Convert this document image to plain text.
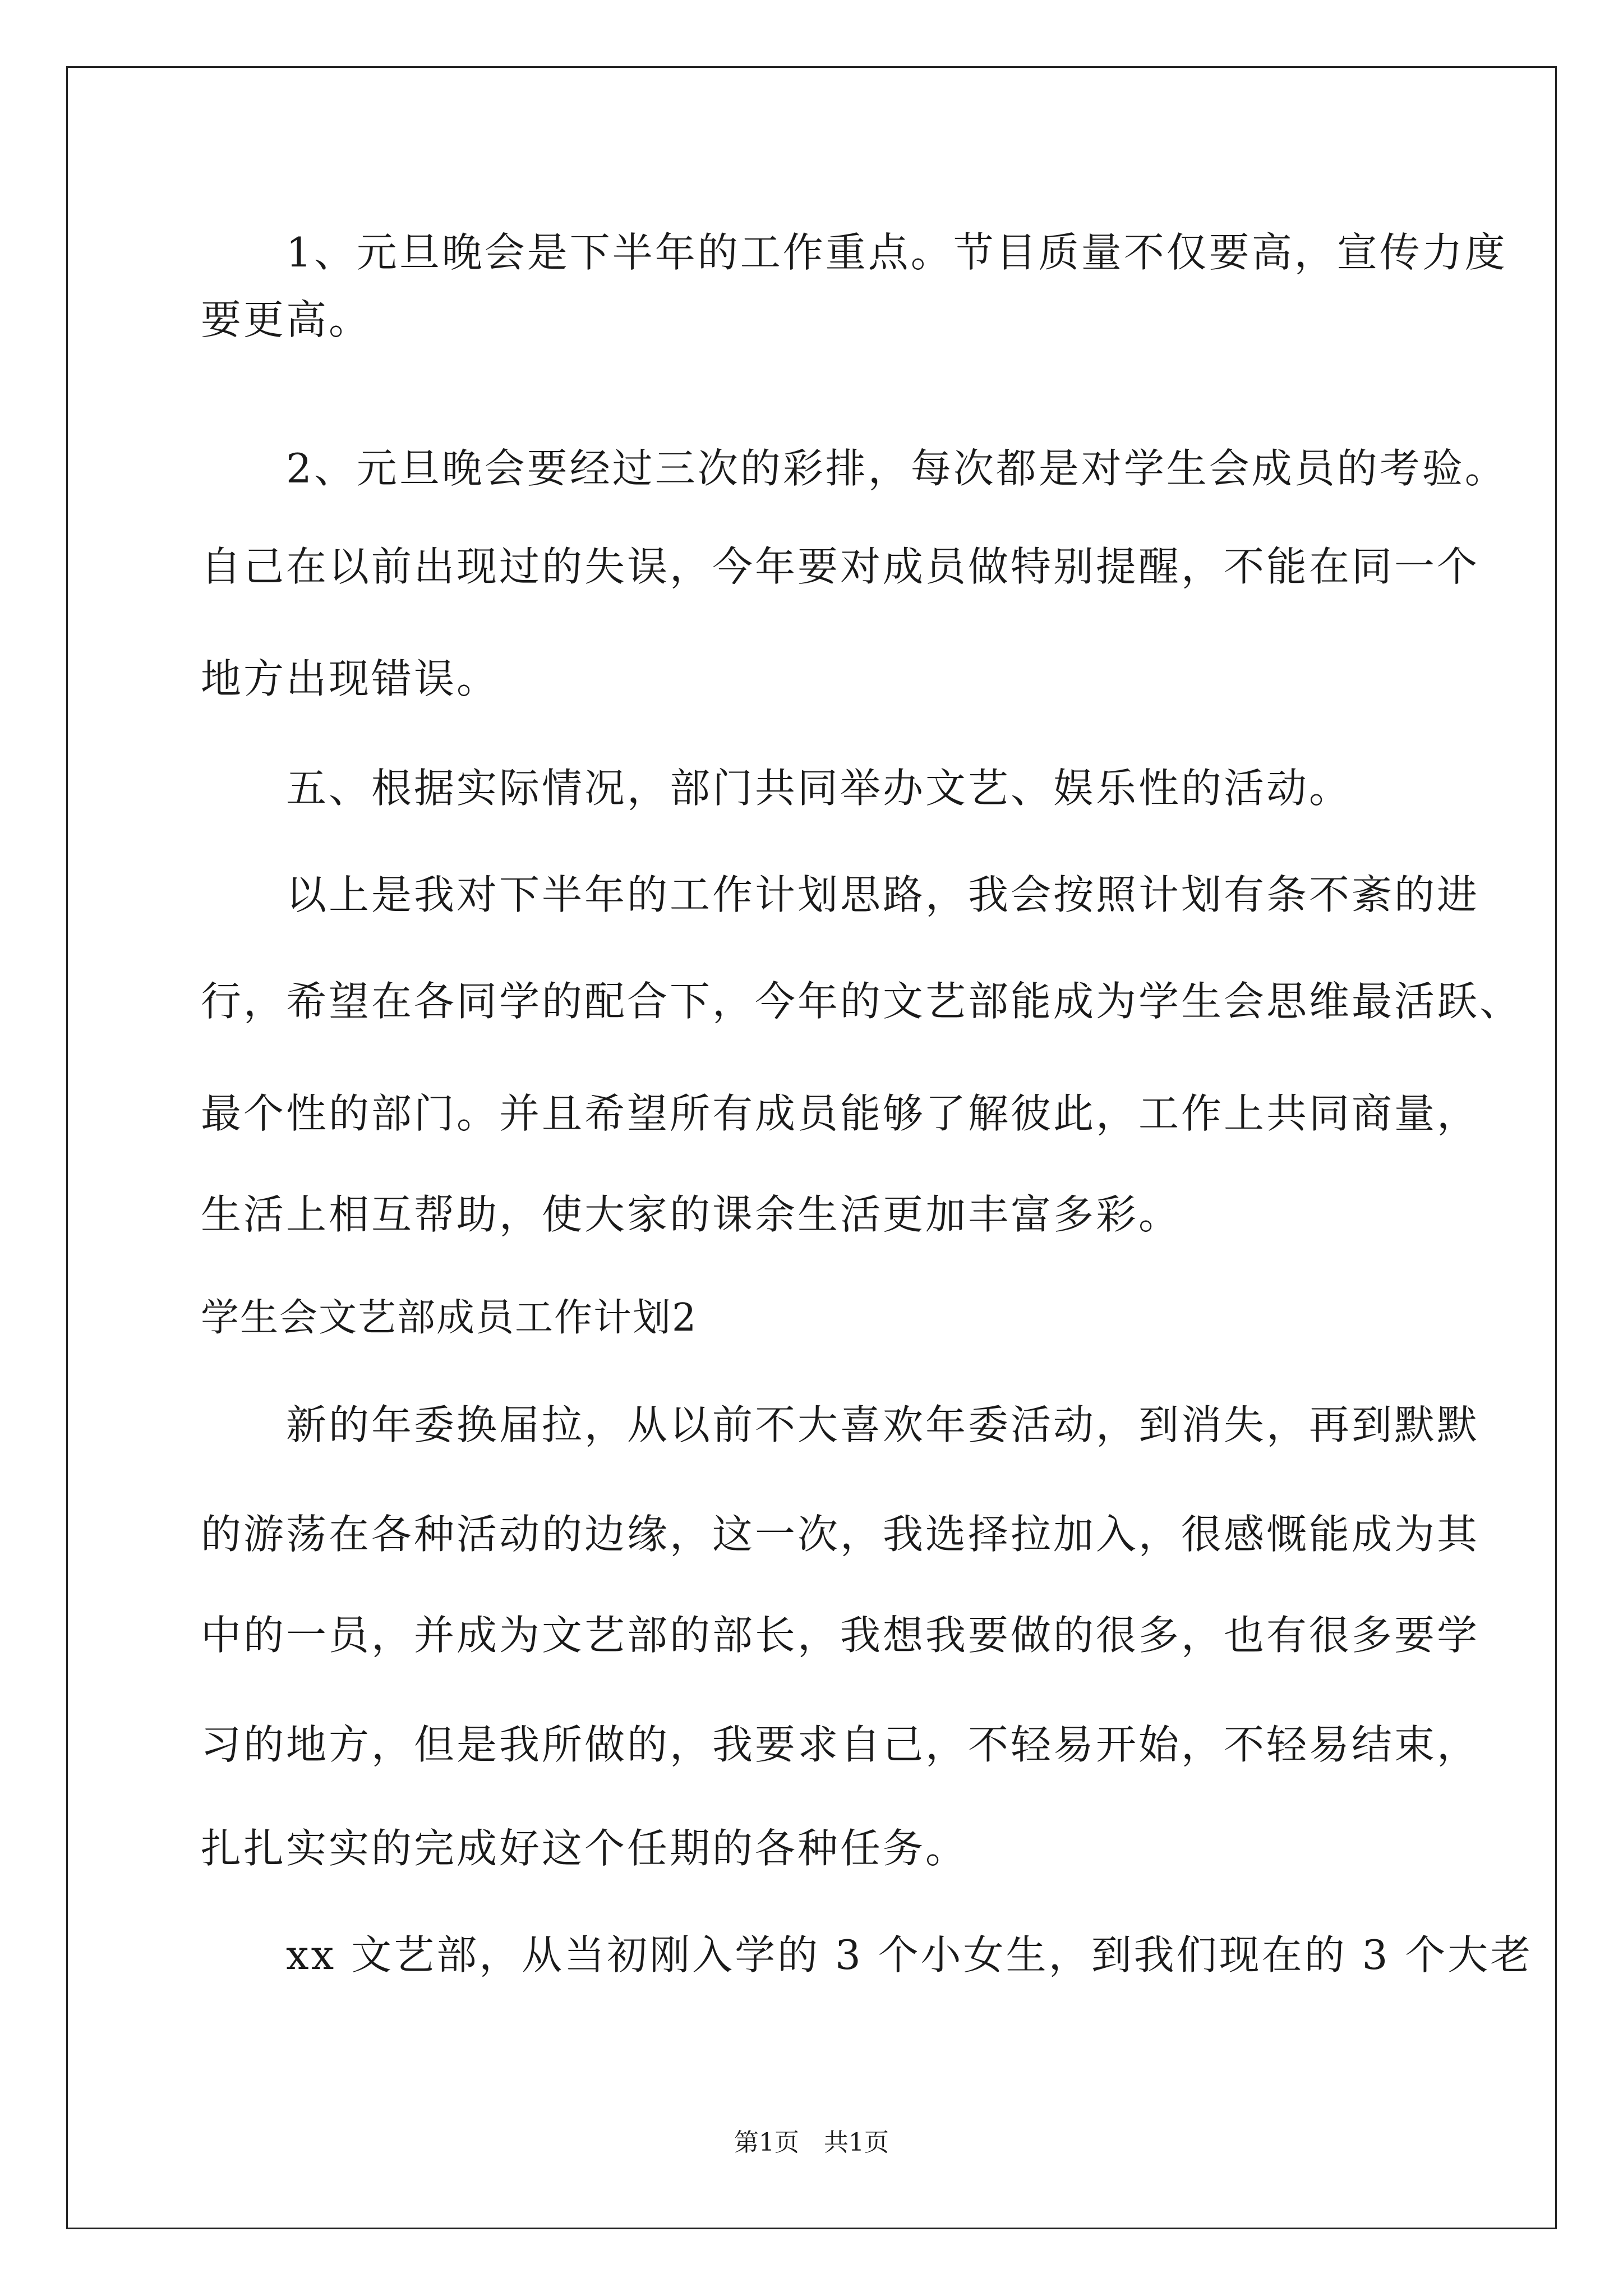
　　1、元旦晚会是下半年的工作重点。节目质量不仅要高，宣传力度
要更高。
　　2、元旦晚会要经过三次的彩排，每次都是对学生会成员的考验。
自己在以前出现过的失误，今年要对成员做特别提醒，不能在同一个
地方出现错误。
　　五、根据实际情况，部门共同举办文艺、娱乐性的活动。
　　以上是我对下半年的工作计划思路，我会按照计划有条不紊的进
行，希望在各同学的配合下，今年的文艺部能成为学生会思维最活跃、
最个性的部门。并且希望所有成员能够了解彼此，工作上共同商量，
生活上相互帮助，使大家的课余生活更加丰富多彩。
学生会文艺部成员工作计划2
　　新的年委换届拉，从以前不大喜欢年委活动，到消失，再到默默
的游荡在各种活动的边缘，这一次，我选择拉加入，很感慨能成为其
中的一员，并成为文艺部的部长，我想我要做的很多，也有很多要学
习的地方，但是我所做的，我要求自己，不轻易开始，不轻易结束，
扎扎实实的完成好这个任期的各种任务。
　　xx 文艺部，从当初刚入学的 3 个小女生，到我们现在的 3 个大老
第1页　共1页
